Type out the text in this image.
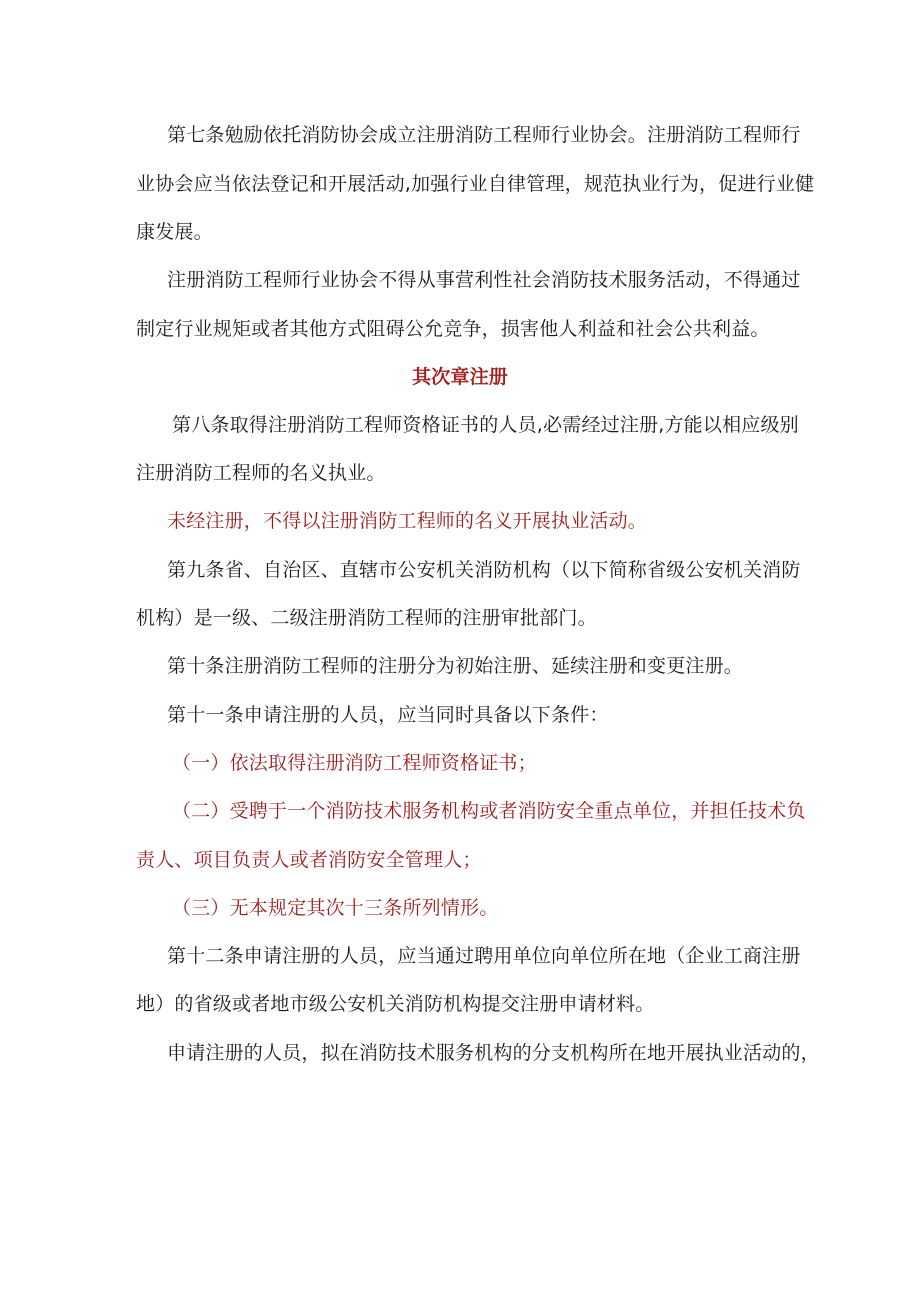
第七条勉励依托消防协会成立注册消防工程师行业协会。注册消防工程师行
业协会应当依法登记和开展活动,加强行业自律管理，规范执业行为，促进行业健
康发展。
注册消防工程师行业协会不得从事营利性社会消防技术服务活动，不得通过
制定行业规矩或者其他方式阻碍公允竞争，损害他人利益和社会公共利益。
其次章注册
第八条取得注册消防工程师资格证书的人员,必需经过注册,方能以相应级别
注册消防工程师的名义执业。
未经注册，不得以注册消防工程师的名义开展执业活动。
第九条省、自治区、直辖市公安机关消防机构（以下简称省级公安机关消防
机构）是一级、二级注册消防工程师的注册审批部门。
第十条注册消防工程师的注册分为初始注册、延续注册和变更注册。
第十一条申请注册的人员，应当同时具备以下条件：
（一）依法取得注册消防工程师资格证书；
（二）受聘于一个消防技术服务机构或者消防安全重点单位，并担任技术负
责人、项目负责人或者消防安全管理人；
（三）无本规定其次十三条所列情形。
第十二条申请注册的人员，应当通过聘用单位向单位所在地（企业工商注册
地）的省级或者地市级公安机关消防机构提交注册申请材料。
申请注册的人员，拟在消防技术服务机构的分支机构所在地开展执业活动的，
